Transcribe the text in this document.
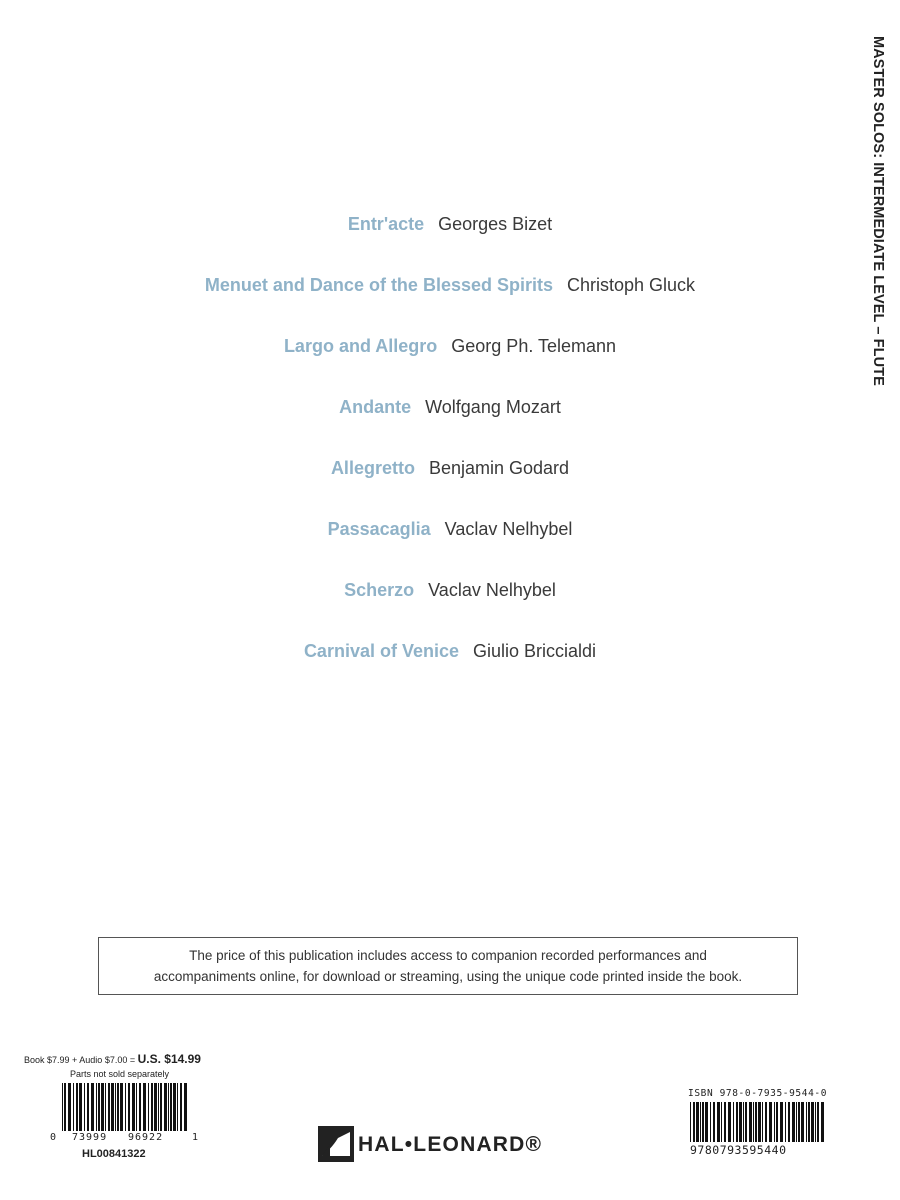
MASTER SOLOS: INTERMEDIATE LEVEL – FLUTE
Entr'acte Georges Bizet
Menuet and Dance of the Blessed Spirits Christoph Gluck
Largo and Allegro Georg Ph. Telemann
Andante Wolfgang Mozart
Allegretto Benjamin Godard
Passacaglia Vaclav Nelhybel
Scherzo Vaclav Nelhybel
Carnival of Venice Giulio Briccialdi
The price of this publication includes access to companion recorded performances and
accompaniments online, for download or streaming, using the unique code printed inside the book.
Book $7.99 + Audio $7.00 = U.S. $14.99
Parts not sold separately
0 73999 96922	1
HL00841322	HAL•LEONARD®
ISBN 978-0-7935-9544-0
9780793595440
